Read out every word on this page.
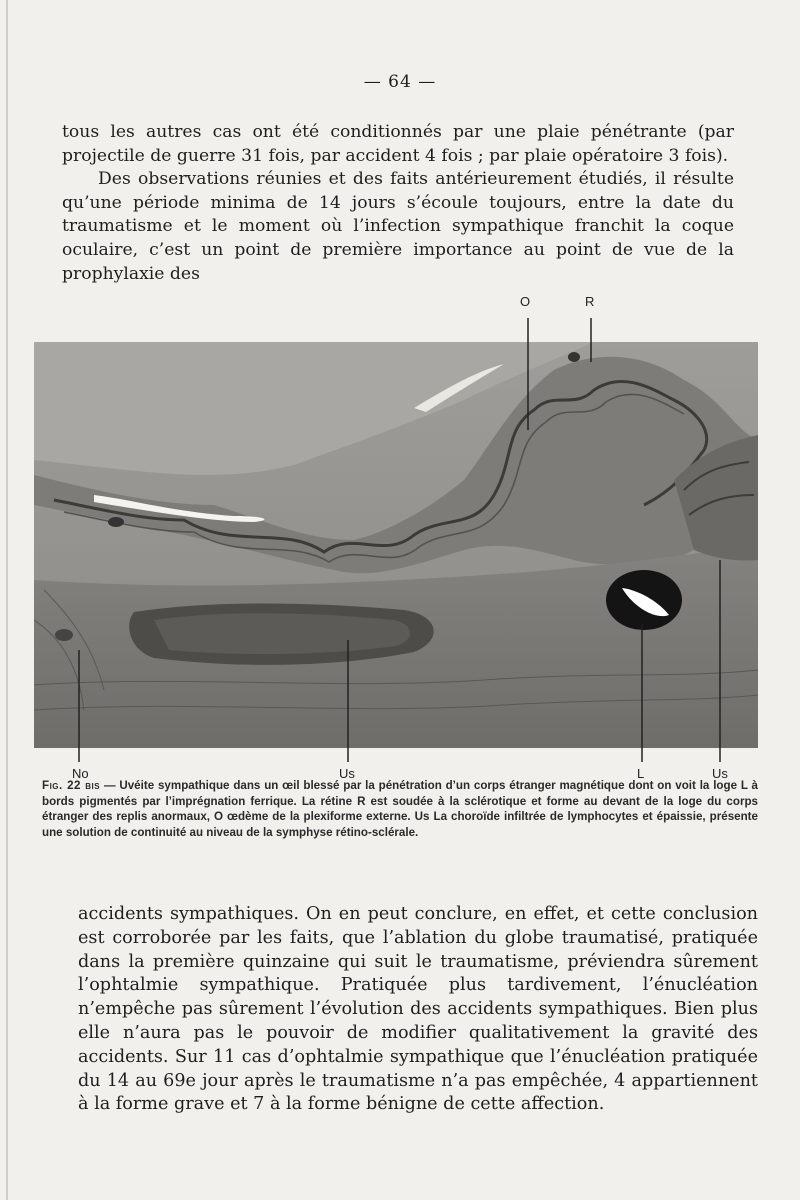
— 64 —
tous les autres cas ont été conditionnés par une plaie pénétrante (par projectile de guerre 31 fois, par accident 4 fois ; par plaie opératoire 3 fois).
Des observations réunies et des faits antérieurement étudiés, il résulte qu’une période minima de 14 jours s’écoule toujours, entre la date du traumatisme et le moment où l’infection sympathique franchit la coque oculaire, c’est un point de première importance au point de vue de la prophylaxie des
O	R
No	Us	L	Us
Fig. 22 bis — Uvéite sympathique dans un œil blessé par la pénétration d’un corps étranger magnétique dont on voit la loge L à bords pigmentés par l’imprégnation ferrique. La rétine R est soudée à la sclérotique et forme au devant de la loge du corps étranger des replis anormaux, O œdème de la plexiforme externe. Us La choroïde infiltrée de lymphocytes et épaissie, présente une solution de continuité au niveau de la symphyse rétino-sclérale.
accidents sympathiques. On en peut conclure, en effet, et cette conclusion est corroborée par les faits, que l’ablation du globe traumatisé, pratiquée dans la première quinzaine qui suit le traumatisme, préviendra sûrement l’ophtalmie sympathique. Pratiquée plus tardivement, l’énucléation n’empêche pas sûrement l’évolution des accidents sympathiques. Bien plus elle n’aura pas le pouvoir de modifier qualitativement la gravité des accidents. Sur 11 cas d’ophtalmie sympathique que l’énucléation pratiquée du 14 au 69e jour après le traumatisme n’a pas empêchée, 4 appartiennent à la forme grave et 7 à la forme bénigne de cette affection.
